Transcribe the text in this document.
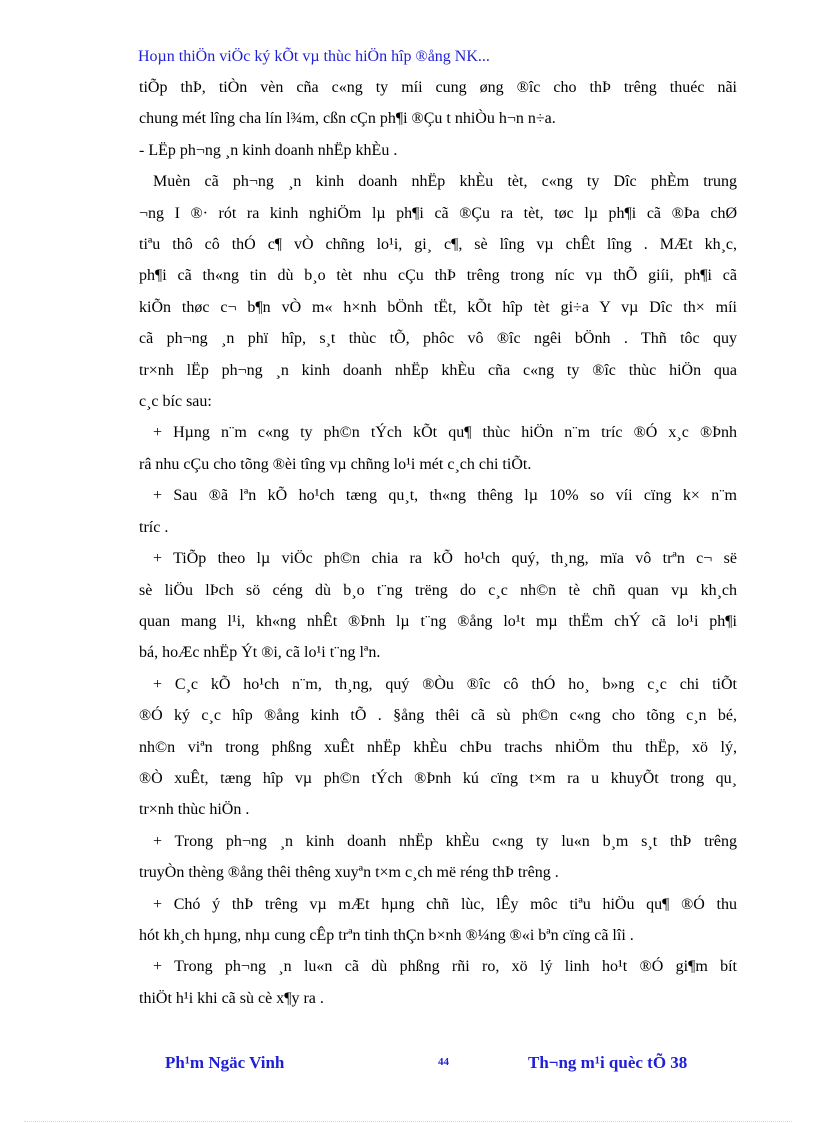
Hoµn thiÖn viÖc ký kÕt vµ thùc hiÖn hîp ®ång NK...
tiÕp thÞ, tiÒn vèn cña c«ng ty míi cung øng ®îc cho thÞ trêng thuéc nãi
chung mét lîng cha lín l¾m, cßn cÇn ph¶i ®Çu t nhiÒu h¬n n÷a.
- LËp ph¬ng ¸n kinh doanh nhËp khÈu .
Muèn cã ph¬ng ¸n kinh doanh nhËp khÈu tèt, c«ng ty Dîc phÈm trung
¬ng I ®· rót ra kinh nghiÖm lµ ph¶i cã ®Çu ra tèt, tøc lµ ph¶i cã ®Þa chØ
tiªu thô cô thÓ c¶ vÒ chñng lo¹i, gi¸ c¶, sè lîng vµ chÊt lîng . MÆt kh¸c,
ph¶i cã th«ng tin dù b¸o tèt nhu cÇu thÞ trêng trong níc vµ thÕ giíi, ph¶i cã
kiÕn thøc c¬ b¶n vÒ m« h×nh bÖnh tËt, kÕt hîp tèt gi÷a Y vµ Dîc th× míi
cã ph¬ng ¸n phï hîp, s¸t thùc tÕ, phôc vô ®îc ngêi bÖnh . Thñ tôc quy
tr×nh lËp ph¬ng ¸n kinh doanh nhËp khÈu cña c«ng ty ®îc thùc hiÖn qua
c¸c bíc sau:
+ Hµng n¨m c«ng ty ph©n tÝch kÕt qu¶ thùc hiÖn n¨m tríc ®Ó x¸c ®Þnh
râ nhu cÇu cho tõng ®èi tîng vµ chñng lo¹i mét c¸ch chi tiÕt.
+ Sau ®ã lªn kÕ ho¹ch tæng qu¸t, th«ng thêng lµ 10% so víi cïng k× n¨m
tríc .
+ TiÕp theo lµ viÖc ph©n chia ra kÕ ho¹ch quý, th¸ng, mïa vô trªn c¬ së
sè liÖu lÞch sö céng dù b¸o t¨ng trëng do c¸c nh©n tè chñ quan vµ kh¸ch
quan mang l¹i, kh«ng nhÊt ®Þnh lµ t¨ng ®ång lo¹t mµ thËm chÝ cã lo¹i ph¶i
bá, hoÆc nhËp Ýt ®i, cã lo¹i t¨ng lªn.
+ C¸c kÕ ho¹ch n¨m, th¸ng, quý ®Òu ®îc cô thÓ ho¸ b»ng c¸c chi tiÕt
®Ó ký c¸c hîp ®ång kinh tÕ . §ång thêi cã sù ph©n c«ng cho tõng c¸n bé,
nh©n viªn trong phßng xuÊt nhËp khÈu chÞu trachs nhiÖm thu thËp, xö lý,
®Ò xuÊt, tæng hîp vµ ph©n tÝch ®Þnh kú cïng t×m ra u khuyÕt trong qu¸
tr×nh thùc hiÖn .
+ Trong ph¬ng ¸n kinh doanh nhËp khÈu c«ng ty lu«n b¸m s¸t thÞ trêng
truyÒn thèng ®ång thêi thêng xuyªn t×m c¸ch më réng thÞ trêng .
+ Chó ý thÞ trêng vµ mÆt hµng chñ lùc, lÊy môc tiªu hiÖu qu¶ ®Ó thu
hót kh¸ch hµng, nhµ cung cÊp trªn tinh thÇn b×nh ®¼ng ®«i bªn cïng cã lîi .
+ Trong ph¬ng ¸n lu«n cã dù phßng rñi ro, xö lý linh ho¹t ®Ó gi¶m bít
thiÖt h¹i khi cã sù cè x¶y ra .
Ph¹m Ngäc Vinh	44	Th¬ng m¹i quèc tÕ 38
